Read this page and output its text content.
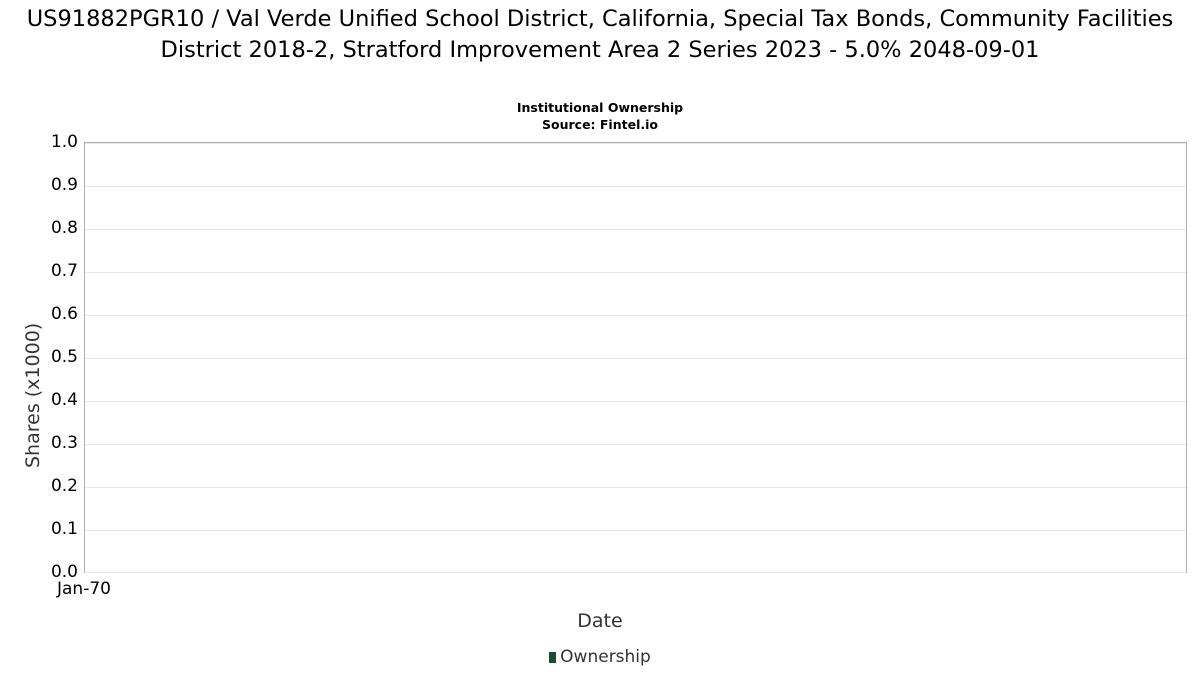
US91882PGR10 / Val Verde Unified School District, California, Special Tax Bonds, Community Facilities District 2018-2, Stratford Improvement Area 2 Series 2023 - 5.0% 2048-09-01
Institutional Ownership
Source: Fintel.io
1.0
0.9
0.8
0.7
0.6
0.5
0.4
0.3
0.2
0.1
0.0
Shares (x1000)
Jan-70
Date
Ownership
